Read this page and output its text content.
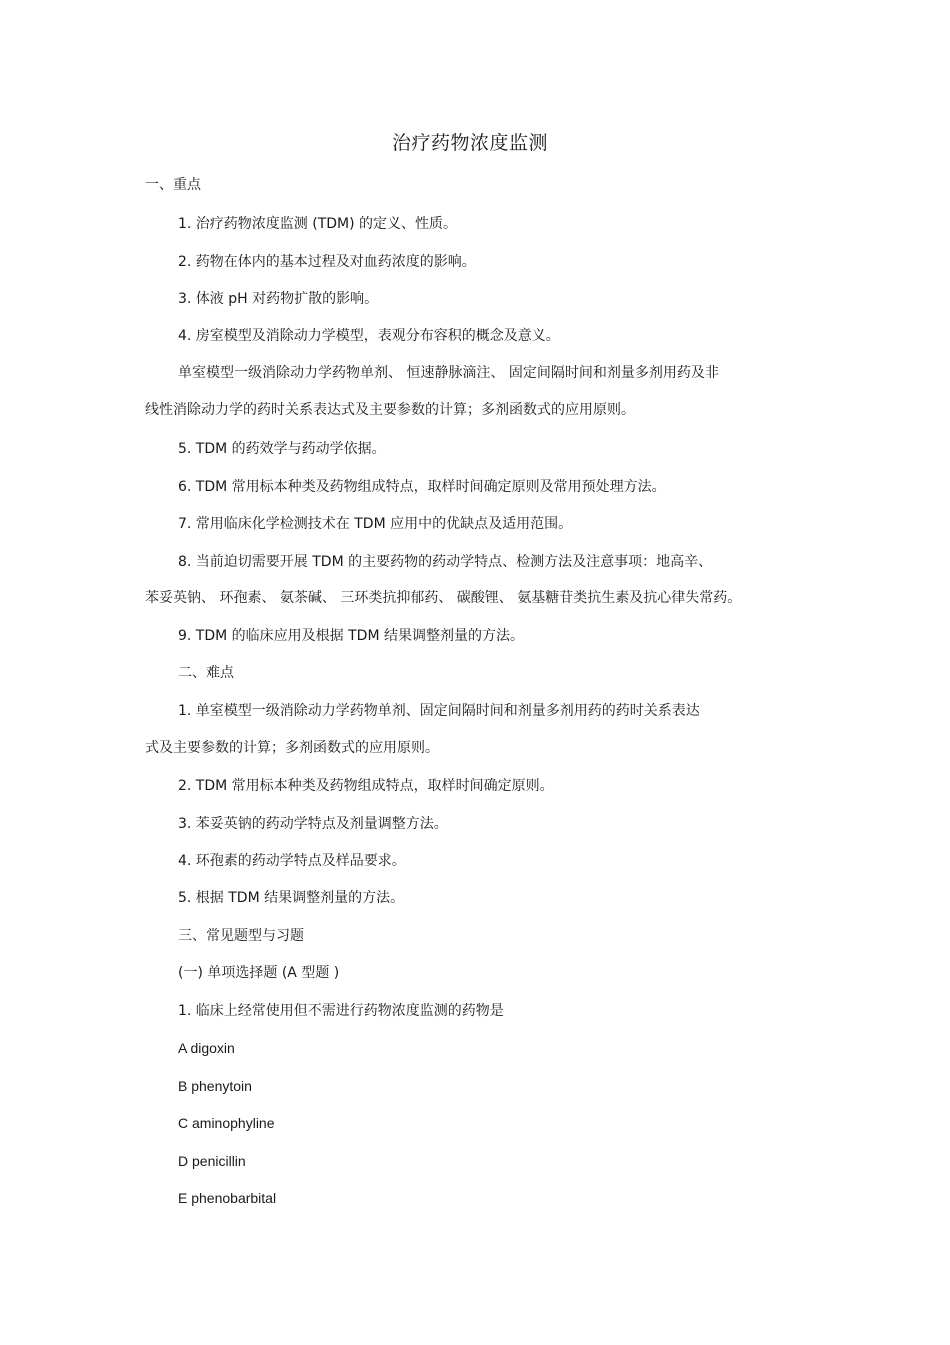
治疗药物浓度监测
一、重点
1. 治疗药物浓度监测 (TDM) 的定义、性质。
2. 药物在体内的基本过程及对血药浓度的影响。
3. 体液 pH 对药物扩散的影响。
4. 房室模型及消除动力学模型，表观分布容积的概念及意义。
单室模型一级消除动力学药物单剂、 恒速静脉滴注、 固定间隔时间和剂量多剂用药及非
线性消除动力学的药时关系表达式及主要参数的计算；多剂函数式的应用原则。
5. TDM 的药效学与药动学依据。
6. TDM 常用标本种类及药物组成特点，取样时间确定原则及常用预处理方法。
7. 常用临床化学检测技术在 TDM 应用中的优缺点及适用范围。
8. 当前迫切需要开展 TDM 的主要药物的药动学特点、检测方法及注意事项：地高辛、
苯妥英钠、 环孢素、 氨茶碱、 三环类抗抑郁药、 碳酸锂、 氨基糖苷类抗生素及抗心律失常药。
9. TDM 的临床应用及根据 TDM 结果调整剂量的方法。
二、难点
1. 单室模型一级消除动力学药物单剂、固定间隔时间和剂量多剂用药的药时关系表达
式及主要参数的计算；多剂函数式的应用原则。
2. TDM 常用标本种类及药物组成特点，取样时间确定原则。
3. 苯妥英钠的药动学特点及剂量调整方法。
4. 环孢素的药动学特点及样品要求。
5. 根据 TDM 结果调整剂量的方法。
三、常见题型与习题
(一) 单项选择题 (A 型题 )
1. 临床上经常使用但不需进行药物浓度监测的药物是
A digoxin
B phenytoin
C aminophyline
D penicillin
E phenobarbital
